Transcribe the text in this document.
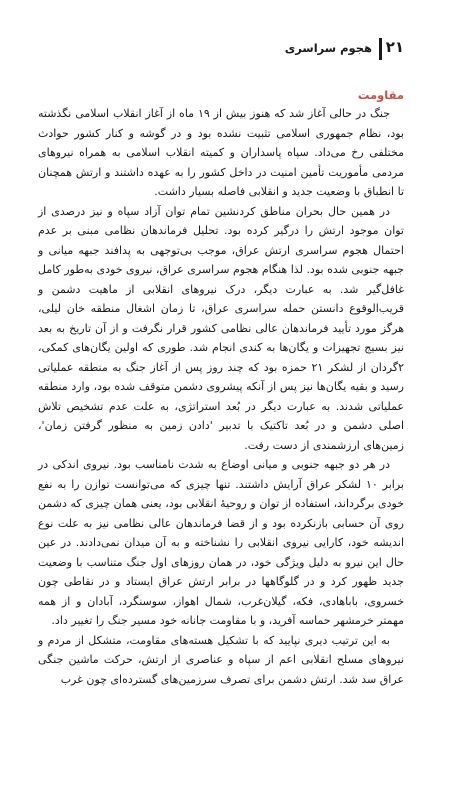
۲۱
هجوم سراسری
مقاومت

جنگ در حالی آغاز شد که هنوز بیش از ۱۹ ماه از آغاز انقلاب اسلامی نگذشته بود، نظام جمهوری اسلامی تثبیت نشده بود و در گوشه و کنار کشور حوادث مختلفی رخ می‌داد. سپاه پاسداران و کمیته انقلاب اسلامی به همراه نیروهای مردمی مأموریت تأمین امنیت در داخل کشور را به عهده داشتند و ارتش همچنان تا انطباق با وضعیت جدید و انقلابی فاصله بسیار داشت.

در همین حال بحران مناطق کردنشین تمام توان آزاد سپاه و نیز درصدی از توان موجود ارتش را درگیر کرده بود. تحلیل فرماندهان نظامی مبنی بر عدم احتمال هجوم سراسری ارتش عراق، موجب بی‌توجهی به پدافند جبهه میانی و جبهه جنوبی شده بود. لذا هنگام هجوم سراسری عراق، نیروی خودی به‌طور کامل غافل‌گیر شد. به عبارت دیگر، درک نیروهای انقلابی از ماهیت دشمن و قریب‌الوقوع دانستن حمله سراسری عراق، تا زمان اشغال منطقه خان لیلی، هرگز مورد تأیید فرماندهان عالی نظامی کشور قرار نگرفت و از آن تاریخ به بعد نیز بسیج تجهیزات و یگان‌ها به کندی انجام شد. طوری که اولین یگان‌های کمکی، ۲گردان از لشکر ۲۱ حمزه بود که چند روز پس از آغاز جنگ به منطقه عملیاتی رسید و بقیه یگان‌ها نیز پس از آنکه پیشروی دشمن متوقف شده بود، وارد منطقه عملیاتی شدند. به عبارت دیگر در بُعد استراتژی، به علت عدم تشخیص تلاش اصلی دشمن و در بُعد تاکتیک با تدبیر 'دادن زمین به منظور گرفتن زمان'، زمین‌های ارزشمندی از دست رفت.

در هر دو جبهه جنوبی و میانی اوضاع به شدت نامناسب بود. نیروی اندکی در برابر ۱۰ لشکر عراق آرایش داشتند. تنها چیزی که می‌توانست توازن را به نفع خودی برگرداند، استفاده از توان و روحیهٔ انقلابی بود، یعنی همان چیزی که دشمن روی آن حسابی بازنکرده بود و از قضا فرماندهان عالی نظامی نیز به علت نوع اندیشه خود، کارایی نیروی انقلابی را نشناخته و به آن میدان نمی‌دادند. در عین حال این نیرو به دلیل ویژگی خود، در همان روزهای اول جنگ متناسب با وضعیت جدید ظهور کرد و در گلوگاهها در برابر ارتش عراق ایستاد و در نقاطی چون خسروی، باباهادی، فکه، گیلان‌غرب، شمال اهواز، سوسنگرد، آبادان و از همه مهمتر خرمشهر حماسه آفرید، و با مقاومت جانانه خود مسیر جنگ را تغییر داد.

به این ترتیب دیری نپایید که با تشکیل هسته‌های مقاومت، متشکل از مردم و نیروهای مسلح انقلابی اعم از سپاه و عناصری از ارتش، حرکت ماشین جنگی عراق سد شد. ارتش دشمن برای تصرف سرزمین‌های گسترده‌ای چون غرب
